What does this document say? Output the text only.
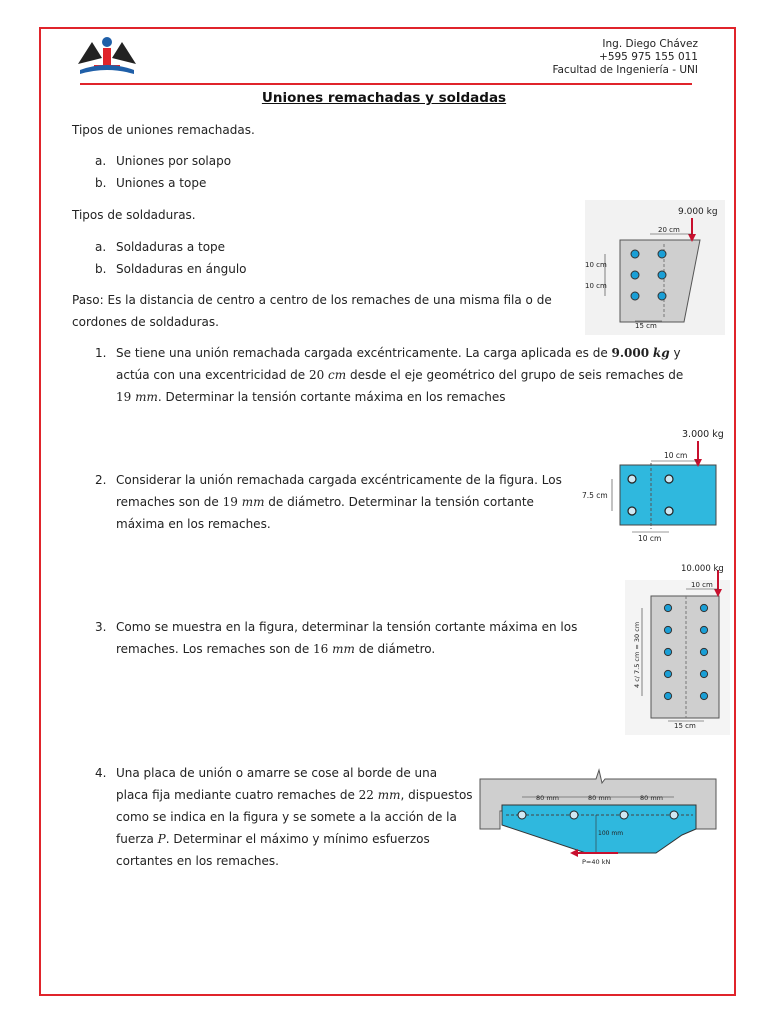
Ing. Diego Chávez
+595 975 155 011
Facultad de Ingeniería - UNI
Uniones remachadas y soldadas
Tipos de uniones remachadas.
a. Uniones por solapo
b. Uniones a tope
Tipos de soldaduras.
a. Soldaduras a tope
b. Soldaduras en ángulo
Paso: Es la distancia de centro a centro de los remaches de una misma fila o de
cordones de soldaduras.
1. Se tiene una unión remachada cargada excéntricamente. La carga aplicada es de 9.000 kg y
actúa con una excentricidad de 20 cm desde el eje geométrico del grupo de seis remaches de
19 mm. Determinar la tensión cortante máxima en los remaches
2. Considerar la unión remachada cargada excéntricamente de la figura. Los
remaches son de 19 mm de diámetro. Determinar la tensión cortante
máxima en los remaches.
3. Como se muestra en la figura, determinar la tensión cortante máxima en los
remaches. Los remaches son de 16 mm de diámetro.
4. Una placa de unión o amarre se cose al borde de una
placa fija mediante cuatro remaches de 22 mm, dispuestos
como se indica en la figura y se somete a la acción de la
fuerza P. Determinar el máximo y mínimo esfuerzos
cortantes en los remaches.
9.000 kg
20 cm
10 cm
10 cm
15 cm
3.000 kg
10 cm
7.5 cm
10 cm
10.000 kg
10 cm
4 c/ 7.5 cm = 30 cm
15 cm
80 mm	80 mm	80 mm
100 mm
P=40 kN
